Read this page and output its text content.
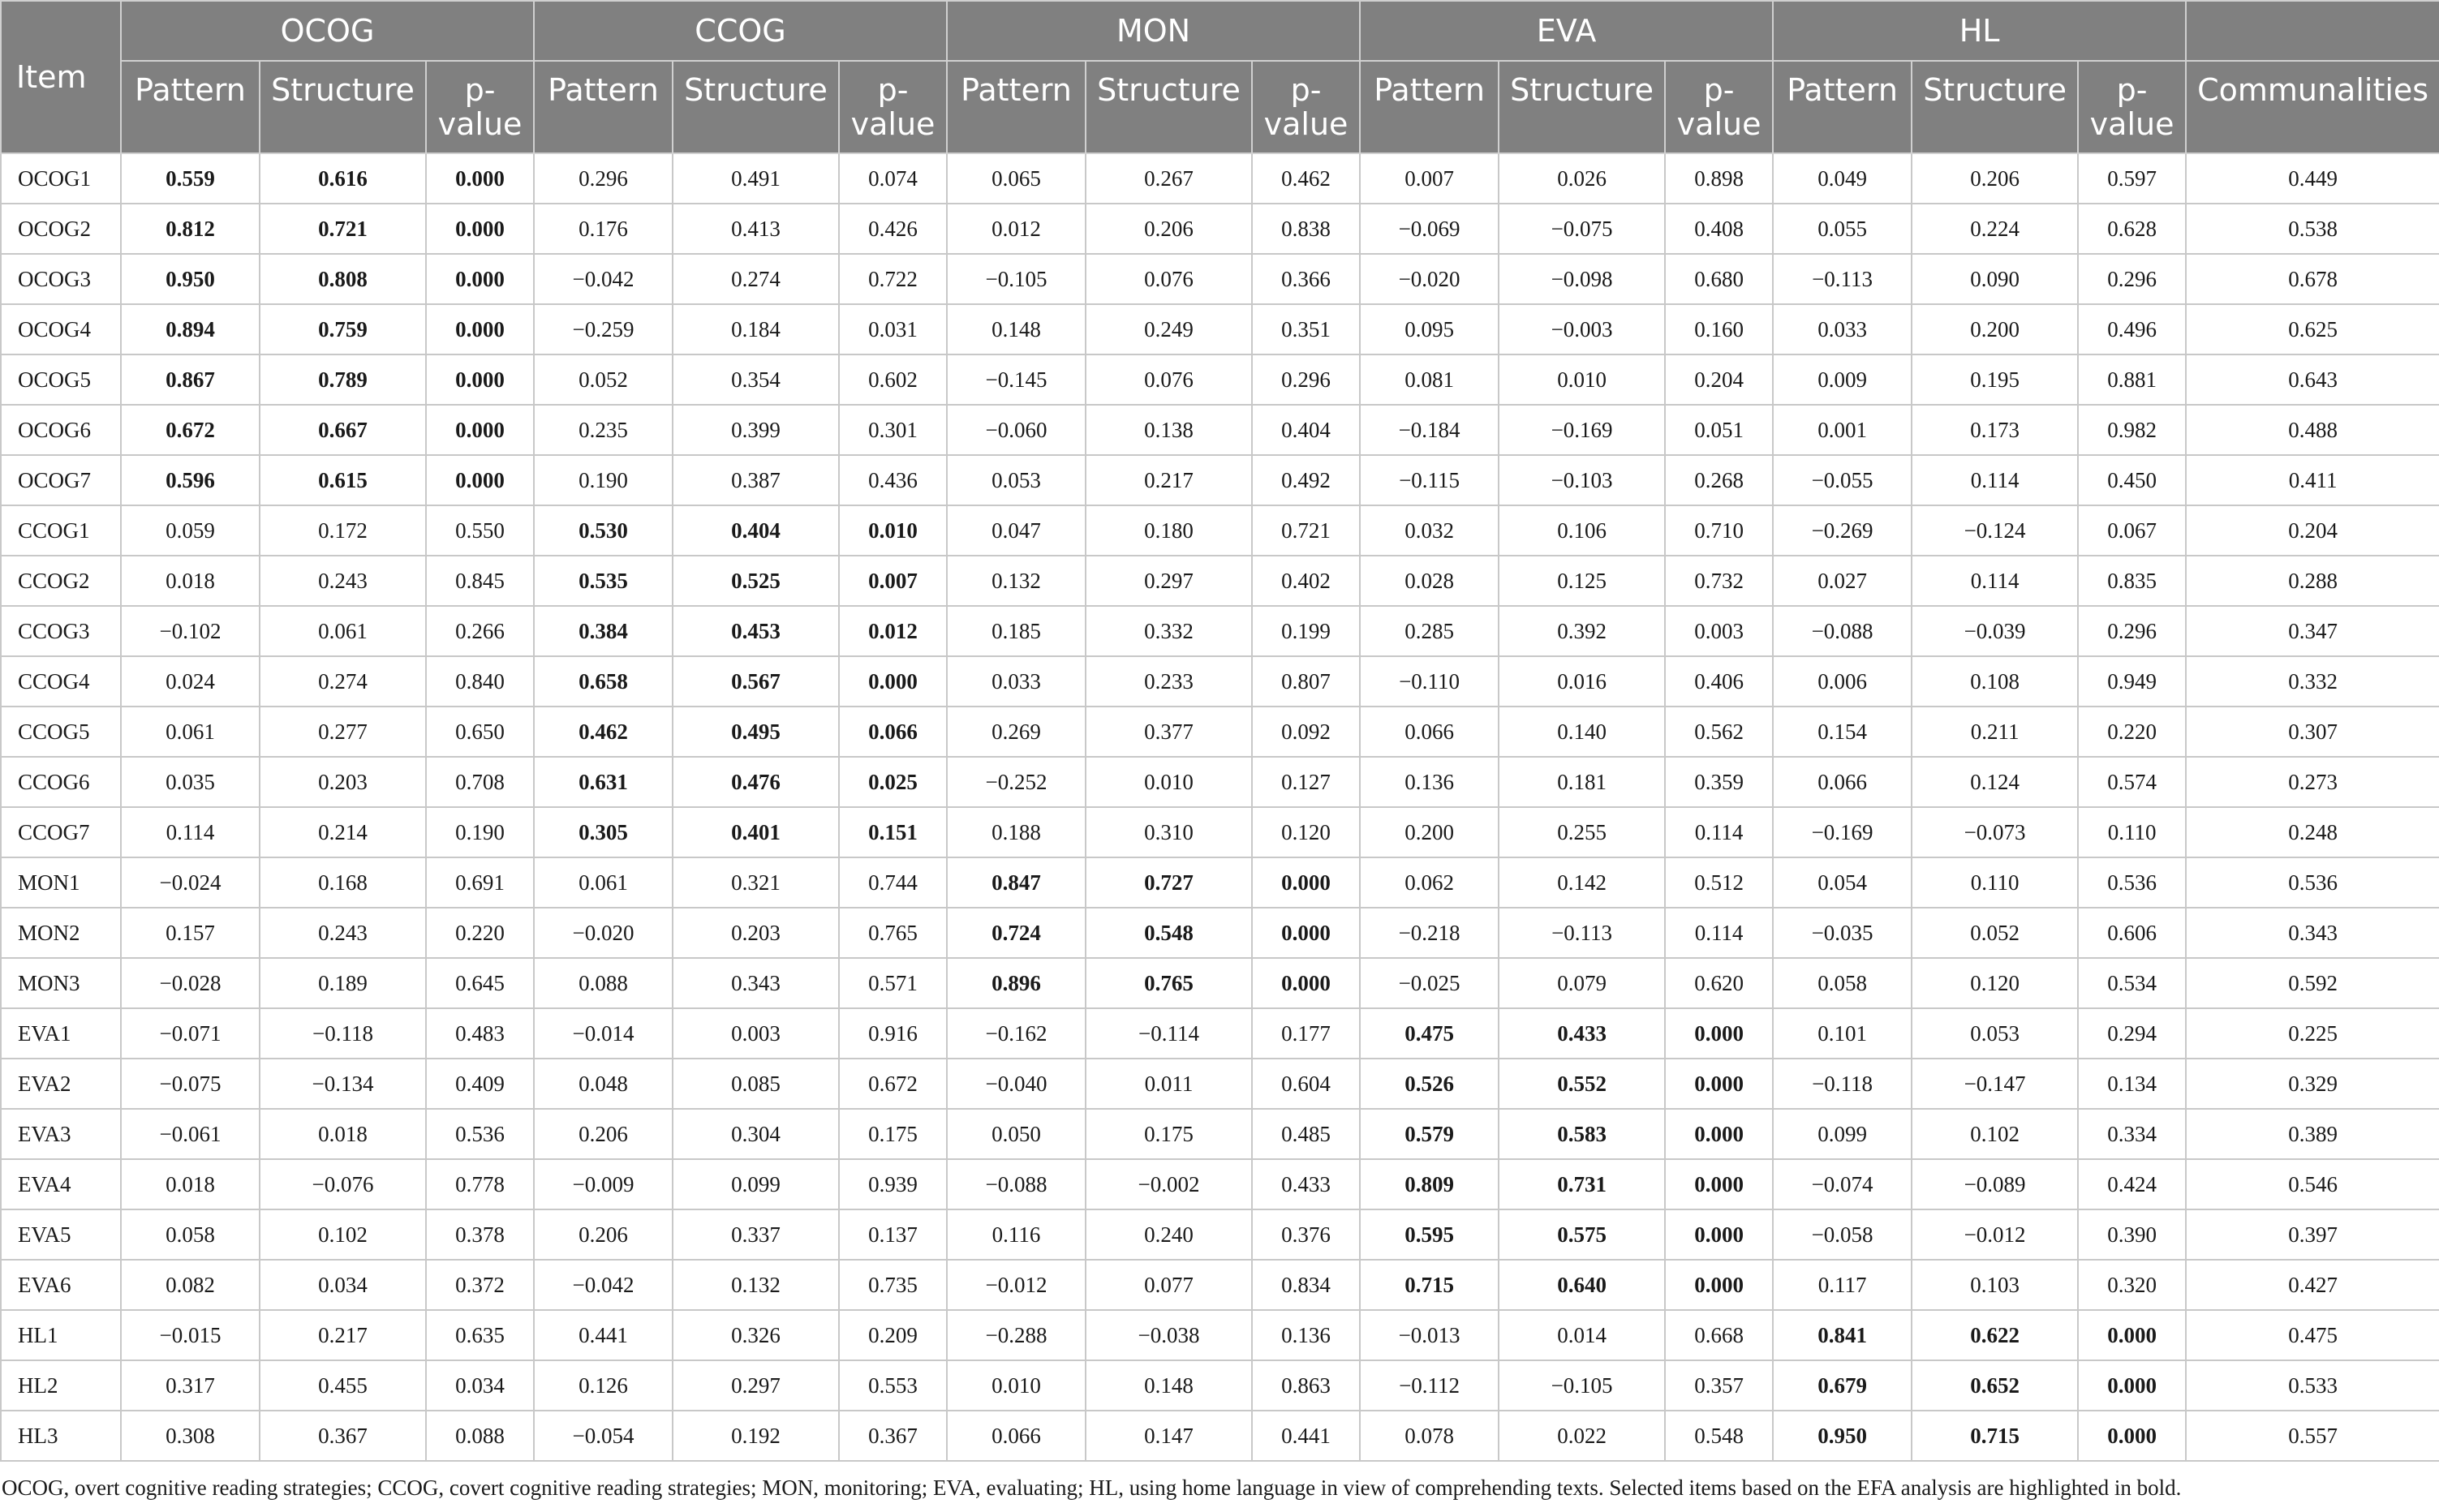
Item	OCOG			CCOG			MON			EVA			HL			
	Pattern	Structure	p-value	Pattern	Structure	p-value	Pattern	Structure	p-value	Pattern	Structure	p-value	Pattern	Structure	p-value	Communalities
OCOG1	0.559	0.616	0.000	0.296	0.491	0.074	0.065	0.267	0.462	0.007	0.026	0.898	0.049	0.206	0.597	0.449
OCOG2	0.812	0.721	0.000	0.176	0.413	0.426	0.012	0.206	0.838	−0.069	−0.075	0.408	0.055	0.224	0.628	0.538
OCOG3	0.950	0.808	0.000	−0.042	0.274	0.722	−0.105	0.076	0.366	−0.020	−0.098	0.680	−0.113	0.090	0.296	0.678
OCOG4	0.894	0.759	0.000	−0.259	0.184	0.031	0.148	0.249	0.351	0.095	−0.003	0.160	0.033	0.200	0.496	0.625
OCOG5	0.867	0.789	0.000	0.052	0.354	0.602	−0.145	0.076	0.296	0.081	0.010	0.204	0.009	0.195	0.881	0.643
OCOG6	0.672	0.667	0.000	0.235	0.399	0.301	−0.060	0.138	0.404	−0.184	−0.169	0.051	0.001	0.173	0.982	0.488
OCOG7	0.596	0.615	0.000	0.190	0.387	0.436	0.053	0.217	0.492	−0.115	−0.103	0.268	−0.055	0.114	0.450	0.411
CCOG1	0.059	0.172	0.550	0.530	0.404	0.010	0.047	0.180	0.721	0.032	0.106	0.710	−0.269	−0.124	0.067	0.204
CCOG2	0.018	0.243	0.845	0.535	0.525	0.007	0.132	0.297	0.402	0.028	0.125	0.732	0.027	0.114	0.835	0.288
CCOG3	−0.102	0.061	0.266	0.384	0.453	0.012	0.185	0.332	0.199	0.285	0.392	0.003	−0.088	−0.039	0.296	0.347
CCOG4	0.024	0.274	0.840	0.658	0.567	0.000	0.033	0.233	0.807	−0.110	0.016	0.406	0.006	0.108	0.949	0.332
CCOG5	0.061	0.277	0.650	0.462	0.495	0.066	0.269	0.377	0.092	0.066	0.140	0.562	0.154	0.211	0.220	0.307
CCOG6	0.035	0.203	0.708	0.631	0.476	0.025	−0.252	0.010	0.127	0.136	0.181	0.359	0.066	0.124	0.574	0.273
CCOG7	0.114	0.214	0.190	0.305	0.401	0.151	0.188	0.310	0.120	0.200	0.255	0.114	−0.169	−0.073	0.110	0.248
MON1	−0.024	0.168	0.691	0.061	0.321	0.744	0.847	0.727	0.000	0.062	0.142	0.512	0.054	0.110	0.536	0.536
MON2	0.157	0.243	0.220	−0.020	0.203	0.765	0.724	0.548	0.000	−0.218	−0.113	0.114	−0.035	0.052	0.606	0.343
MON3	−0.028	0.189	0.645	0.088	0.343	0.571	0.896	0.765	0.000	−0.025	0.079	0.620	0.058	0.120	0.534	0.592
EVA1	−0.071	−0.118	0.483	−0.014	0.003	0.916	−0.162	−0.114	0.177	0.475	0.433	0.000	0.101	0.053	0.294	0.225
EVA2	−0.075	−0.134	0.409	0.048	0.085	0.672	−0.040	0.011	0.604	0.526	0.552	0.000	−0.118	−0.147	0.134	0.329
EVA3	−0.061	0.018	0.536	0.206	0.304	0.175	0.050	0.175	0.485	0.579	0.583	0.000	0.099	0.102	0.334	0.389
EVA4	0.018	−0.076	0.778	−0.009	0.099	0.939	−0.088	−0.002	0.433	0.809	0.731	0.000	−0.074	−0.089	0.424	0.546
EVA5	0.058	0.102	0.378	0.206	0.337	0.137	0.116	0.240	0.376	0.595	0.575	0.000	−0.058	−0.012	0.390	0.397
EVA6	0.082	0.034	0.372	−0.042	0.132	0.735	−0.012	0.077	0.834	0.715	0.640	0.000	0.117	0.103	0.320	0.427
HL1	−0.015	0.217	0.635	0.441	0.326	0.209	−0.288	−0.038	0.136	−0.013	0.014	0.668	0.841	0.622	0.000	0.475
HL2	0.317	0.455	0.034	0.126	0.297	0.553	0.010	0.148	0.863	−0.112	−0.105	0.357	0.679	0.652	0.000	0.533
HL3	0.308	0.367	0.088	−0.054	0.192	0.367	0.066	0.147	0.441	0.078	0.022	0.548	0.950	0.715	0.000	0.557
OCOG, overt cognitive reading strategies; CCOG, covert cognitive reading strategies; MON, monitoring; EVA, evaluating; HL, using home language in view of comprehending texts. Selected items based on the EFA analysis are highlighted in bold.
